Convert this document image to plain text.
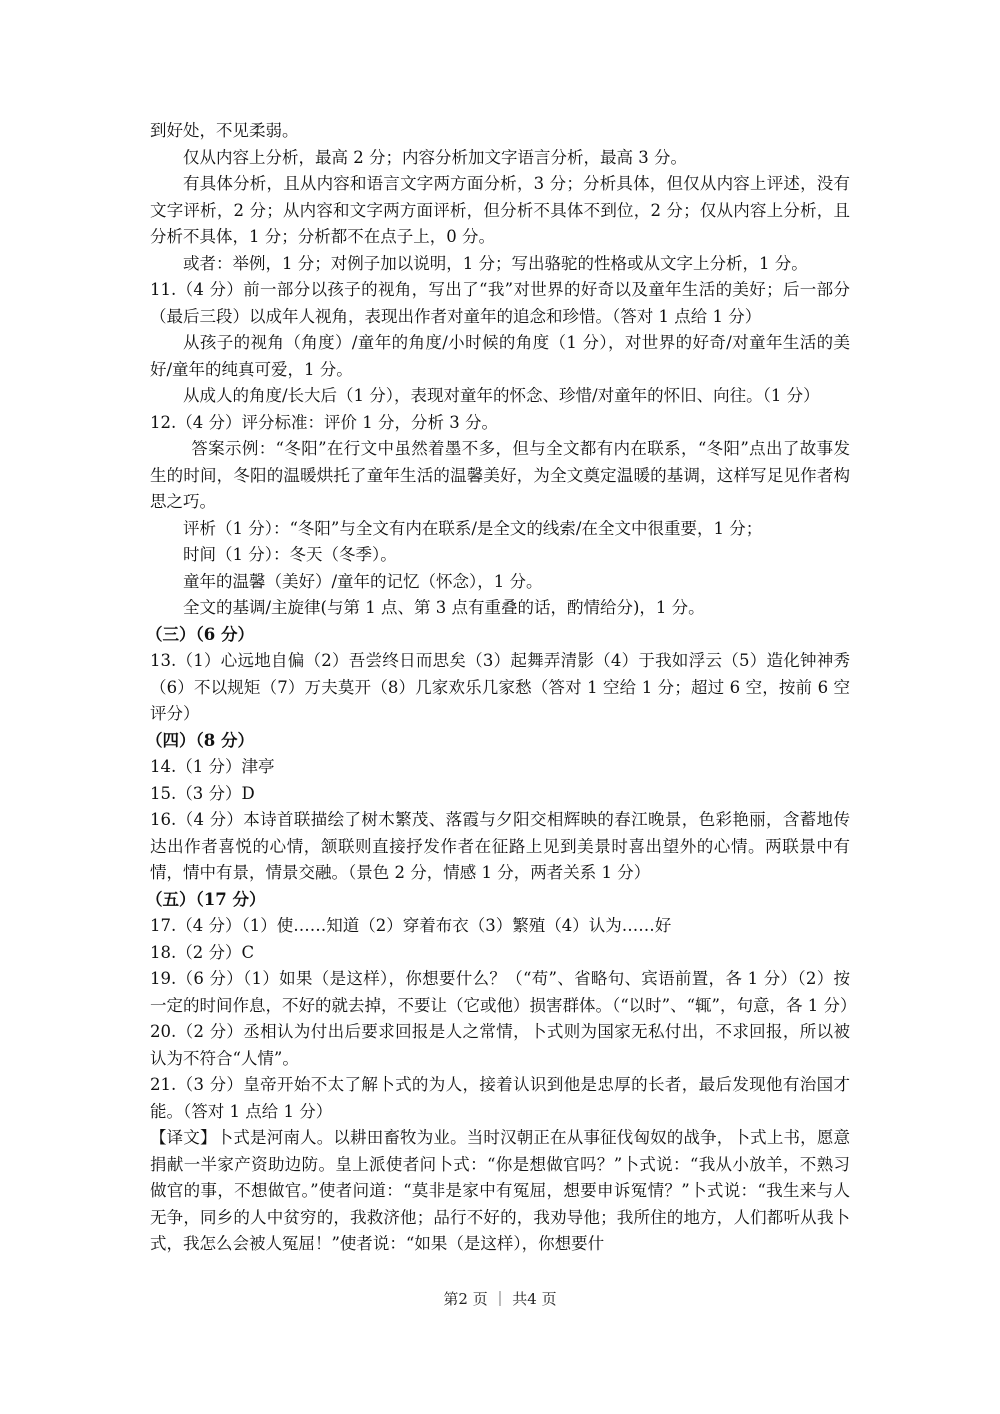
到好处，不见柔弱。

仅从内容上分析，最高 2 分；内容分析加文字语言分析，最高 3 分。

有具体分析，且从内容和语言文字两方面分析，3 分；分析具体，但仅从内容上评述，没有文字评析，2 分；从内容和文字两方面评析，但分析不具体不到位，2 分；仅从内容上分析，且分析不具体，1 分；分析都不在点子上，0 分。

或者：举例，1 分；对例子加以说明，1 分；写出骆驼的性格或从文字上分析，1 分。

11.（4 分）前一部分以孩子的视角，写出了“我”对世界的好奇以及童年生活的美好；后一部分（最后三段）以成年人视角，表现出作者对童年的追念和珍惜。（答对 1 点给 1 分）

从孩子的视角（角度）/童年的角度/小时候的角度（1 分），对世界的好奇/对童年生活的美好/童年的纯真可爱，1 分。

从成人的角度/长大后（1 分），表现对童年的怀念、珍惜/对童年的怀旧、向往。（1 分）

12.（4 分）评分标准：评价 1 分，分析 3 分。

答案示例：“冬阳”在行文中虽然着墨不多，但与全文都有内在联系，“冬阳”点出了故事发生的时间，冬阳的温暖烘托了童年生活的温馨美好，为全文奠定温暖的基调，这样写足见作者构思之巧。

评析（1 分）：“冬阳”与全文有内在联系/是全文的线索/在全文中很重要，1 分；

时间（1 分）：冬天（冬季）。

童年的温馨（美好）/童年的记忆（怀念），1 分。

全文的基调/主旋律(与第 1 点、第 3 点有重叠的话，酌情给分)，1 分。

（三）（6 分）

13.（1）心远地自偏（2）吾尝终日而思矣（3）起舞弄清影（4）于我如浮云（5）造化钟神秀（6）不以规矩（7）万夫莫开（8）几家欢乐几家愁（答对 1 空给 1 分；超过 6 空，按前 6 空评分）

（四）（8 分）

14.（1 分）津亭

15.（3 分）D

16.（4 分）本诗首联描绘了树木繁茂、落霞与夕阳交相辉映的春江晚景，色彩艳丽，含蓄地传达出作者喜悦的心情，颔联则直接抒发作者在征路上见到美景时喜出望外的心情。两联景中有情，情中有景，情景交融。（景色 2 分，情感 1 分，两者关系 1 分）

（五）（17 分）

17.（4 分）（1）使……知道（2）穿着布衣（3）繁殖（4）认为……好

18.（2 分）C

19.（6 分）（1）如果（是这样），你想要什么？（“苟”、省略句、宾语前置，各 1 分）（2）按一定的时间作息，不好的就去掉，不要让（它或他）损害群体。（“以时”、“辄”，句意，各 1 分）

20.（2 分）丞相认为付出后要求回报是人之常情，卜式则为国家无私付出，不求回报，所以被认为不符合“人情”。

21.（3 分）皇帝开始不太了解卜式的为人，接着认识到他是忠厚的长者，最后发现他有治国才能。（答对 1 点给 1 分）

【译文】卜式是河南人。以耕田畜牧为业。当时汉朝正在从事征伐匈奴的战争，卜式上书，愿意捐献一半家产资助边防。皇上派使者问卜式：“你是想做官吗？”卜式说：“我从小放羊，不熟习做官的事，不想做官。”使者问道：“莫非是家中有冤屈，想要申诉冤情？”卜式说：“我生来与人无争，同乡的人中贫穷的，我救济他；品行不好的，我劝导他；我所住的地方，人们都听从我卜式，我怎么会被人冤屈！”使者说：“如果（是这样），你想要什

第2 页 ｜ 共4 页
